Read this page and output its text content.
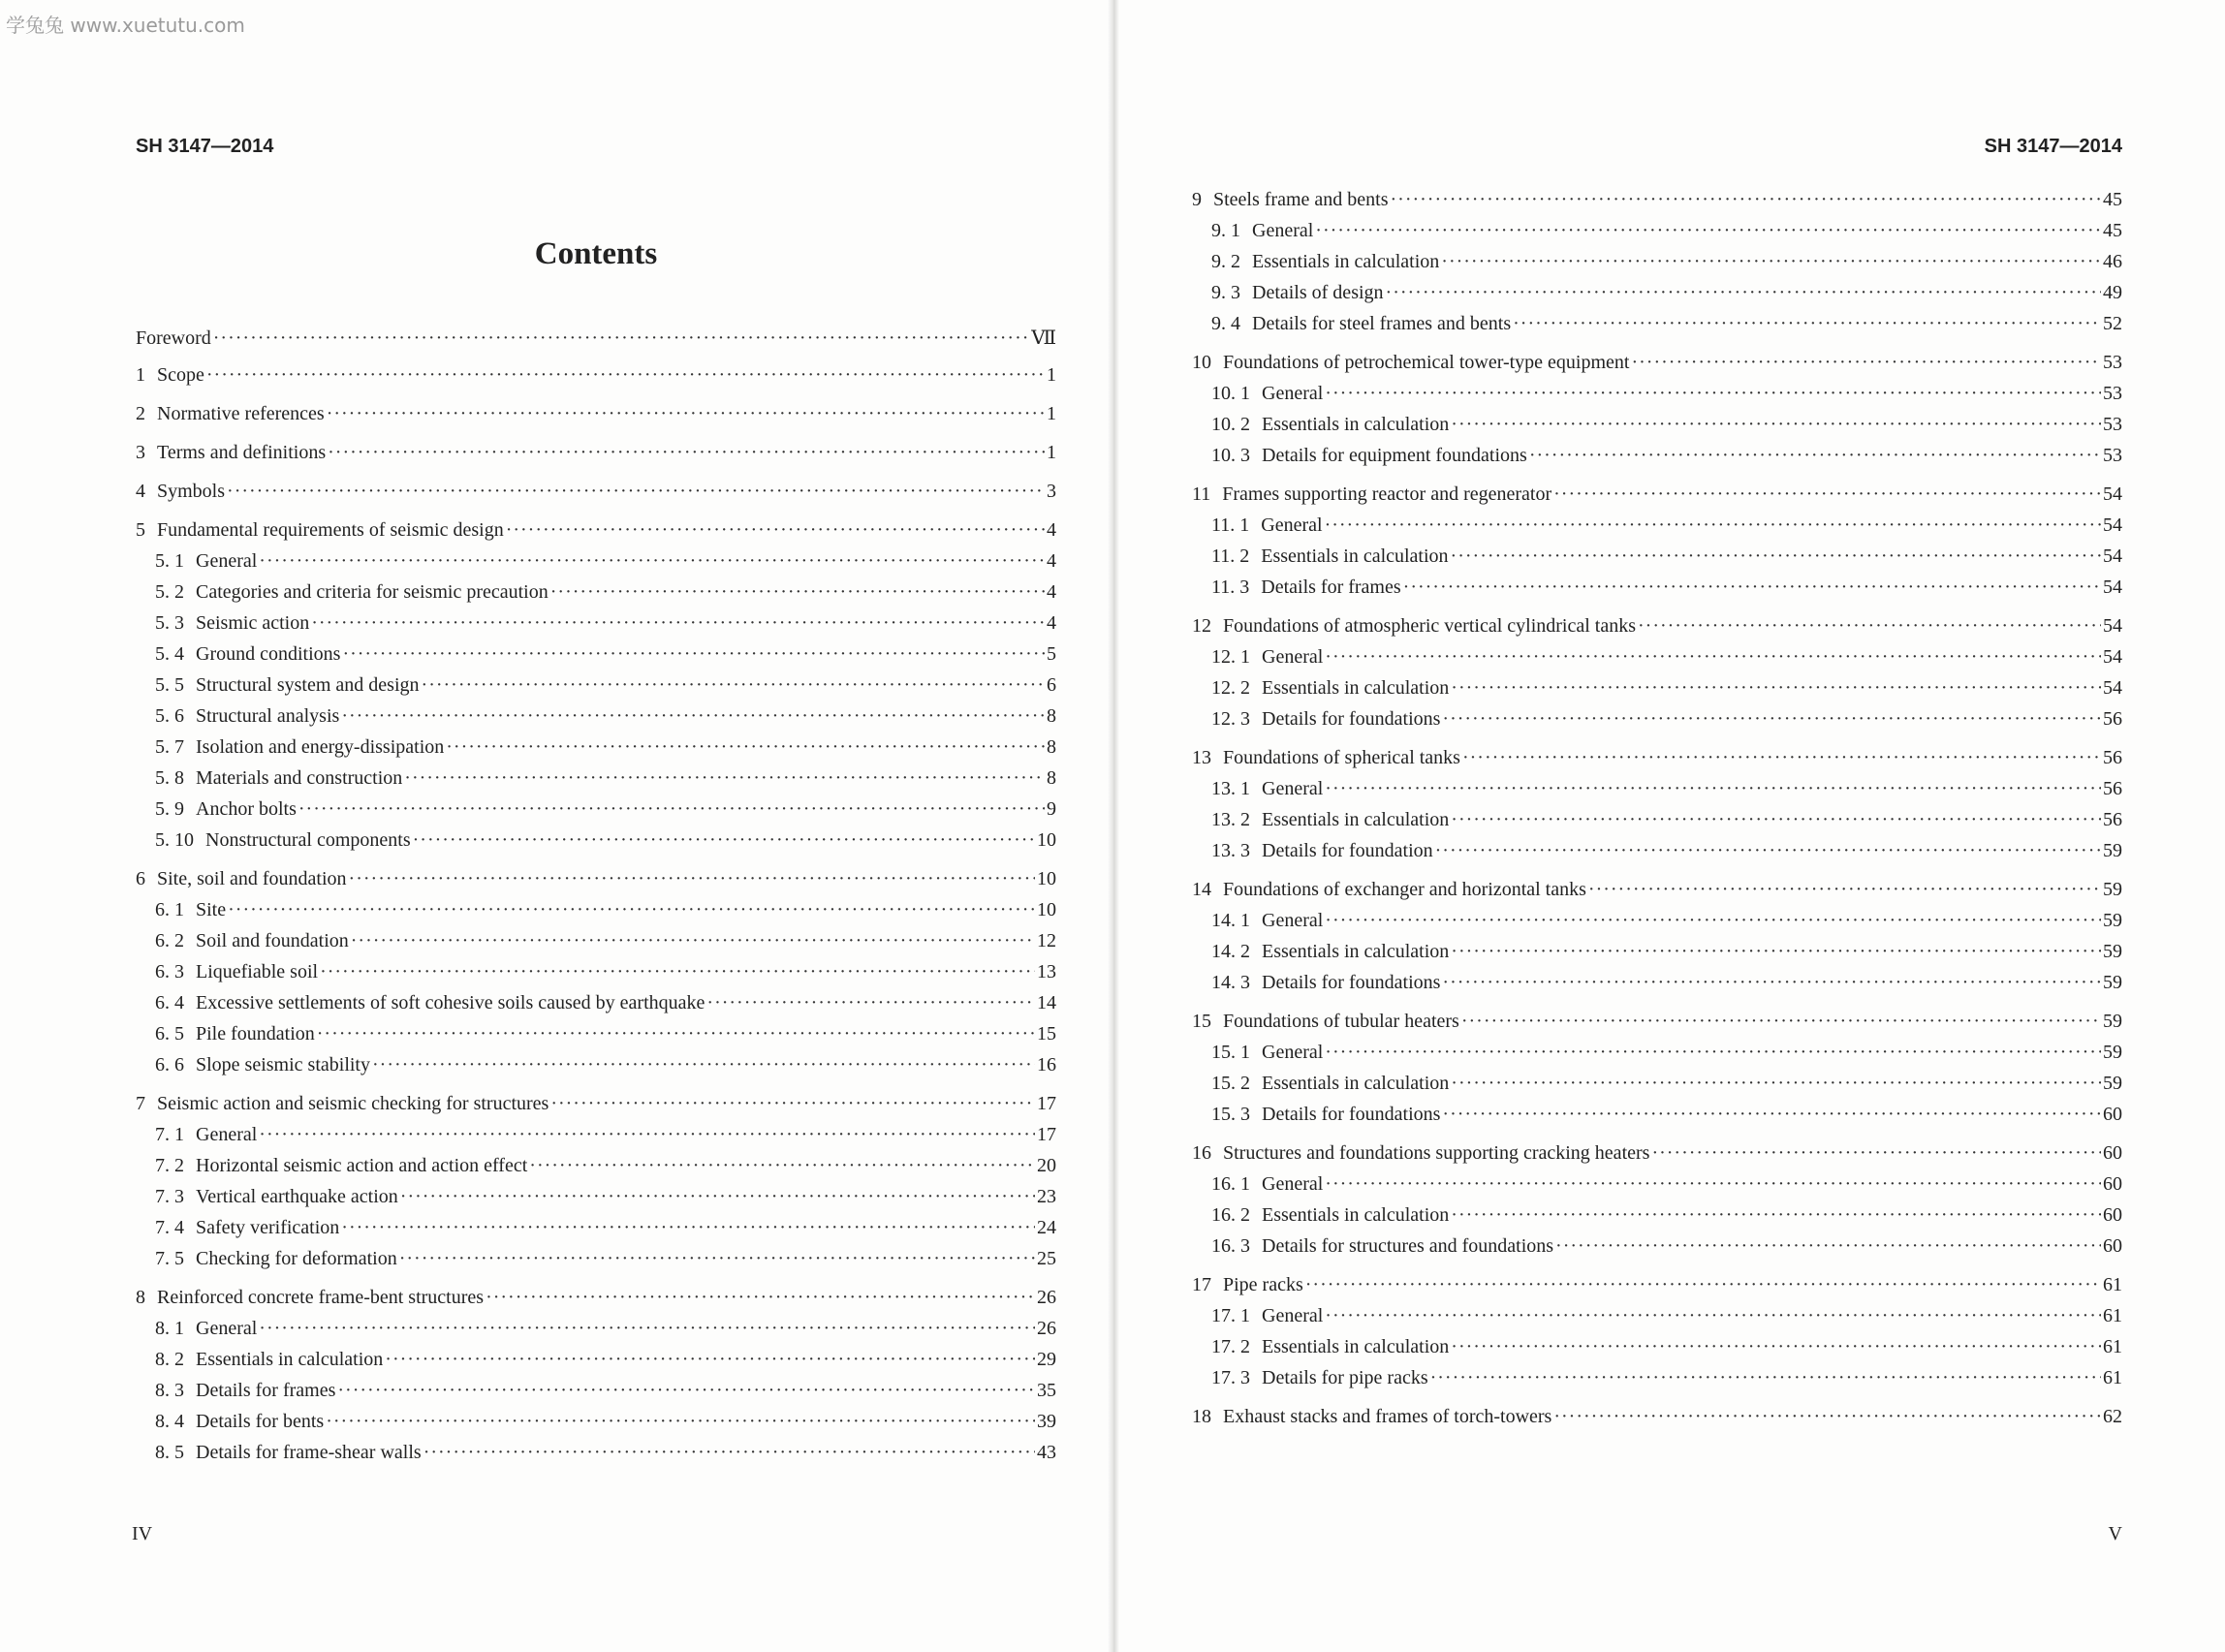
学兔兔 www.xuetutu.com
SH 3147—2014
Contents
Foreword ·····	Ⅶ
1 Scope ·····	1
2 Normative references ·····	1
3 Terms and definitions ·····	1
4 Symbols ·····	3
5 Fundamental requirements of seismic design ·····	4
5. 1 General ·····	4
5. 2 Categories and criteria for seismic precaution ·····	4
5. 3 Seismic action ·····	4
5. 4 Ground conditions ·····	5
5. 5 Structural system and design ·····	6
5. 6 Structural analysis ·····	8
5. 7 Isolation and energy-dissipation ·····	8
5. 8 Materials and construction ·····	8
5. 9 Anchor bolts ·····	9
5. 10 Nonstructural components ·····	10
6 Site, soil and foundation ·····	10
6. 1 Site ·····	10
6. 2 Soil and foundation ·····	12
6. 3 Liquefiable soil ·····	13
6. 4 Excessive settlements of soft cohesive soils caused by earthquake ·····	14
6. 5 Pile foundation ·····	15
6. 6 Slope seismic stability ·····	16
7 Seismic action and seismic checking for structures ·····	17
7. 1 General ·····	17
7. 2 Horizontal seismic action and action effect ·····	20
7. 3 Vertical earthquake action ·····	23
7. 4 Safety verification ·····	24
7. 5 Checking for deformation ·····	25
8 Reinforced concrete frame-bent structures ·····	26
8. 1 General ·····	26
8. 2 Essentials in calculation ·····	29
8. 3 Details for frames ·····	35
8. 4 Details for bents ·····	39
8. 5 Details for frame-shear walls ·····	43
IV
SH 3147—2014
9 Steels frame and bents ·····	45
9. 1 General ·····	45
9. 2 Essentials in calculation ·····	46
9. 3 Details of design ·····	49
9. 4 Details for steel frames and bents ·····	52
10 Foundations of petrochemical tower-type equipment ·····	53
10. 1 General ·····	53
10. 2 Essentials in calculation ·····	53
10. 3 Details for equipment foundations ·····	53
11 Frames supporting reactor and regenerator ·····	54
11. 1 General ·····	54
11. 2 Essentials in calculation ·····	54
11. 3 Details for frames ·····	54
12 Foundations of atmospheric vertical cylindrical tanks ·····	54
12. 1 General ·····	54
12. 2 Essentials in calculation ·····	54
12. 3 Details for foundations ·····	56
13 Foundations of spherical tanks ·····	56
13. 1 General ·····	56
13. 2 Essentials in calculation ·····	56
13. 3 Details for foundation ·····	59
14 Foundations of exchanger and horizontal tanks ·····	59
14. 1 General ·····	59
14. 2 Essentials in calculation ·····	59
14. 3 Details for foundations ·····	59
15 Foundations of tubular heaters ·····	59
15. 1 General ·····	59
15. 2 Essentials in calculation ·····	59
15. 3 Details for foundations ·····	60
16 Structures and foundations supporting cracking heaters ·····	60
16. 1 General ·····	60
16. 2 Essentials in calculation ·····	60
16. 3 Details for structures and foundations ·····	60
17 Pipe racks ·····	61
17. 1 General ·····	61
17. 2 Essentials in calculation ·····	61
17. 3 Details for pipe racks ·····	61
18 Exhaust stacks and frames of torch-towers ·····	62
V
